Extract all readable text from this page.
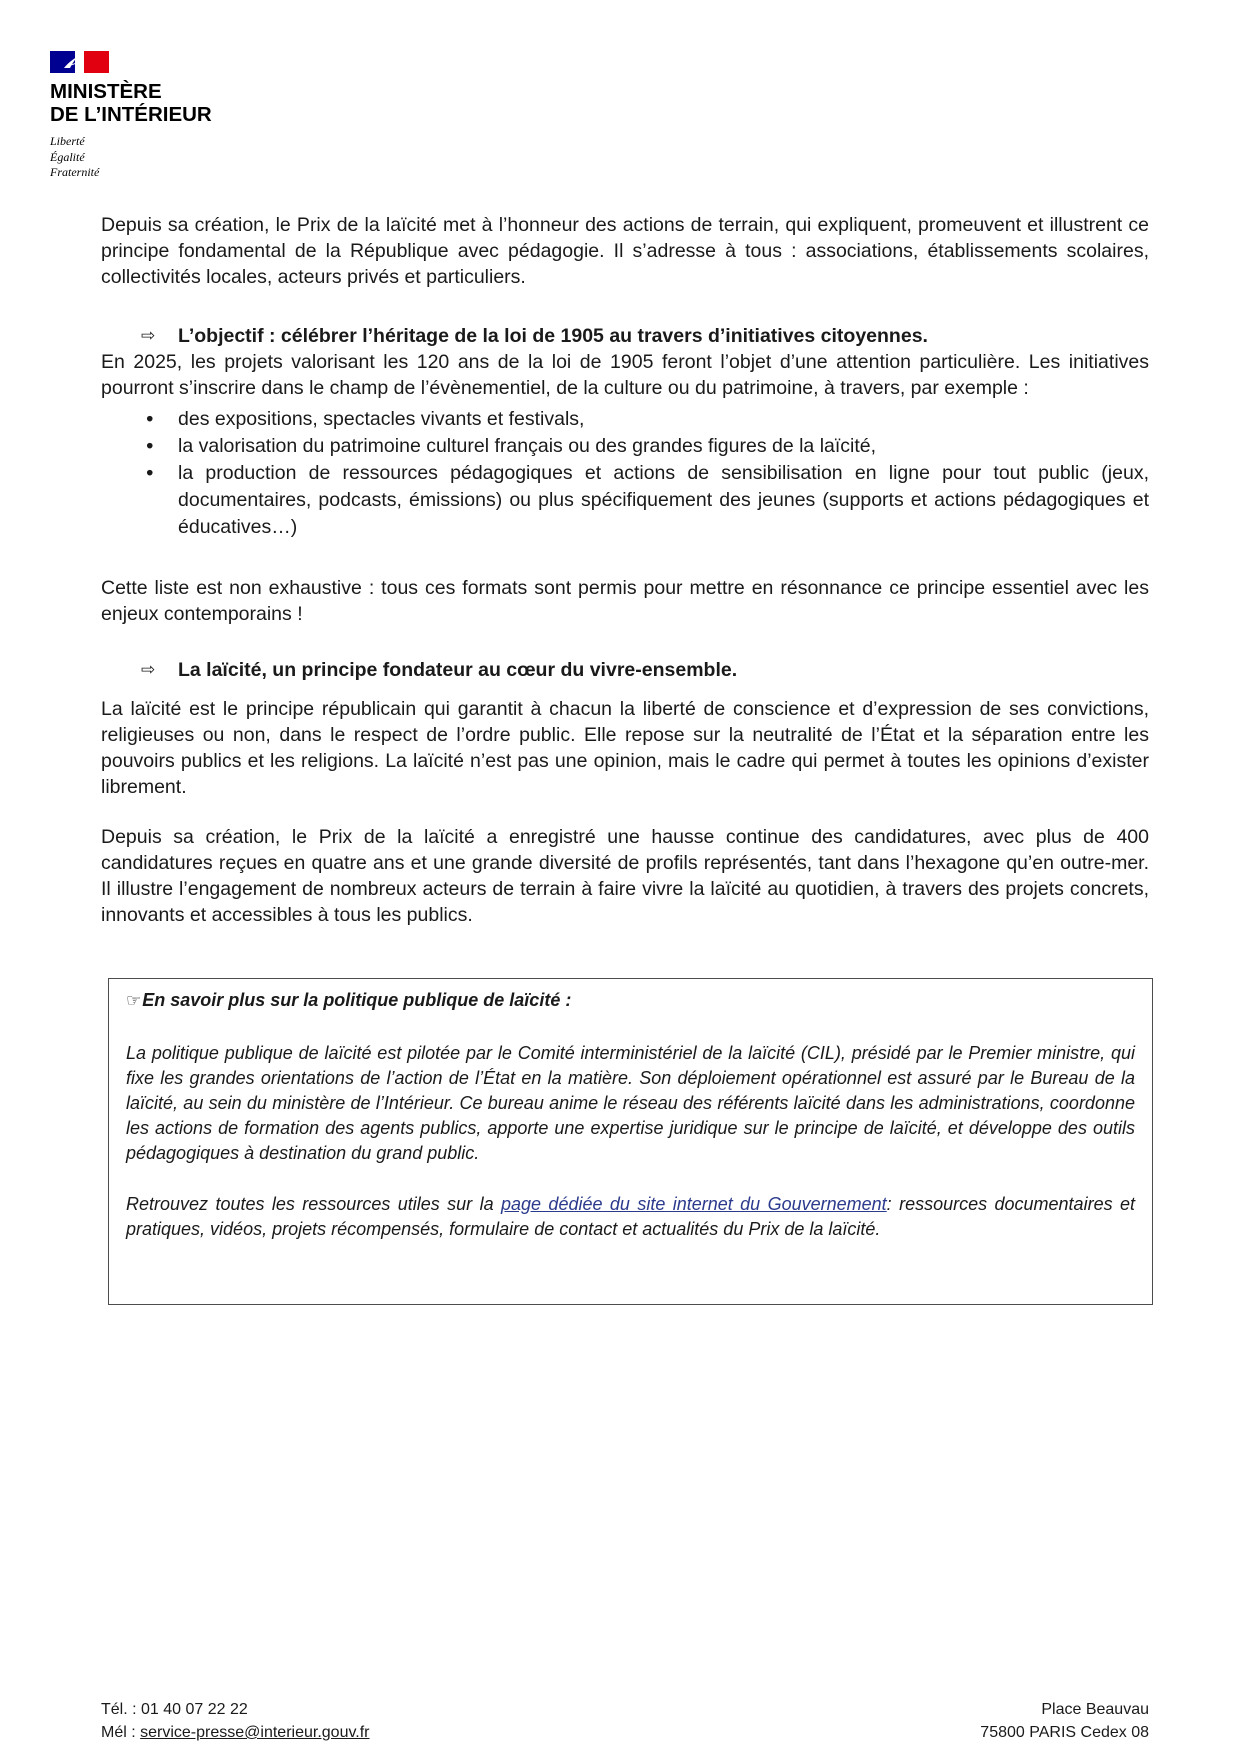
MINISTÈRE
DE L’INTÉRIEUR
Liberté
Égalité
Fraternité

Depuis sa création, le Prix de la laïcité met à l’honneur des actions de terrain, qui expliquent, promeuvent et illustrent ce principe fondamental de la République avec pédagogie. Il s’adresse à tous : associations, établissements scolaires, collectivités locales, acteurs privés et particuliers.

⇨
L’objectif : célébrer l’héritage de la loi de 1905 au travers d’initiatives citoyennes.

En 2025, les projets valorisant les 120 ans de la loi de 1905 feront l’objet d’une attention particulière. Les initiatives pourront s’inscrire dans le champ de l’évènementiel, de la culture ou du patrimoine, à travers, par exemple :

• des expositions, spectacles vivants et festivals,
• la valorisation du patrimoine culturel français ou des grandes figures de la laïcité,
• la production de ressources pédagogiques et actions de sensibilisation en ligne pour tout public (jeux, documentaires, podcasts, émissions) ou plus spécifiquement des jeunes (supports et actions pédagogiques et éducatives…)

Cette liste est non exhaustive : tous ces formats sont permis pour mettre en résonnance ce principe essentiel avec les enjeux contemporains !

⇨
La laïcité, un principe fondateur au cœur du vivre-ensemble.

La laïcité est le principe républicain qui garantit à chacun la liberté de conscience et d’expression de ses convictions, religieuses ou non, dans le respect de l’ordre public. Elle repose sur la neutralité de l’État et la séparation entre les pouvoirs publics et les religions. La laïcité n’est pas une opinion, mais le cadre qui permet à toutes les opinions d’exister librement.

Depuis sa création, le Prix de la laïcité a enregistré une hausse continue des candidatures, avec plus de 400 candidatures reçues en quatre ans et une grande diversité de profils représentés, tant dans l’hexagone qu’en outre-mer. Il illustre l’engagement de nombreux acteurs de terrain à faire vivre la laïcité au quotidien, à travers des projets concrets, innovants et accessibles à tous les publics.

☞ En savoir plus sur la politique publique de laïcité :

La politique publique de laïcité est pilotée par le Comité interministériel de la laïcité (CIL), présidé par le Premier ministre, qui fixe les grandes orientations de l’action de l’État en la matière. Son déploiement opérationnel est assuré par le Bureau de la laïcité, au sein du ministère de l’Intérieur. Ce bureau anime le réseau des référents laïcité dans les administrations, coordonne les actions de formation des agents publics, apporte une expertise juridique sur le principe de laïcité, et développe des outils pédagogiques à destination du grand public.

Retrouvez toutes les ressources utiles sur la page dédiée du site internet du Gouvernement: ressources documentaires et pratiques, vidéos, projets récompensés, formulaire de contact et actualités du Prix de la laïcité.

Tél. : 01 40 07 22 22
Mél : service-presse@interieur.gouv.fr
Place Beauvau
75800 PARIS Cedex 08
